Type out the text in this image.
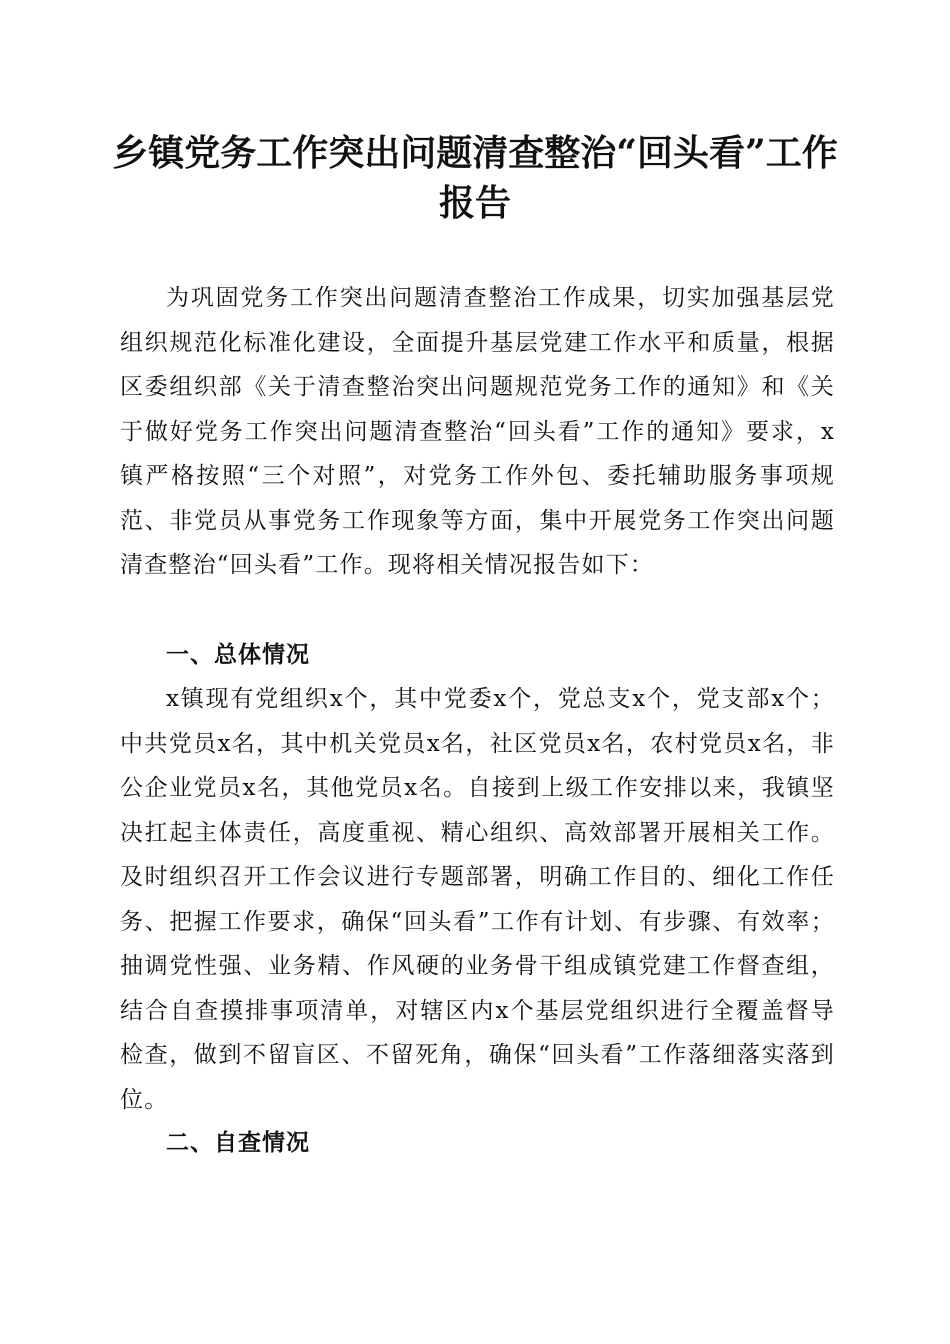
乡镇党务工作突出问题清查整治“回头看”工作报告

为巩固党务工作突出问题清查整治工作成果，切实加强基层党组织规范化标准化建设，全面提升基层党建工作水平和质量，根据区委组织部《关于清查整治突出问题规范党务工作的通知》和《关于做好党务工作突出问题清查整治“回头看”工作的通知》要求，x镇严格按照“三个对照”，对党务工作外包、委托辅助服务事项规范、非党员从事党务工作现象等方面，集中开展党务工作突出问题清查整治“回头看”工作。现将相关情况报告如下：

一、总体情况

x镇现有党组织x个，其中党委x个，党总支x个，党支部x个；中共党员x名，其中机关党员x名，社区党员x名，农村党员x名，非公企业党员x名，其他党员x名。自接到上级工作安排以来，我镇坚决扛起主体责任，高度重视、精心组织、高效部署开展相关工作。及时组织召开工作会议进行专题部署，明确工作目的、细化工作任务、把握工作要求，确保“回头看”工作有计划、有步骤、有效率；抽调党性强、业务精、作风硬的业务骨干组成镇党建工作督查组，结合自查摸排事项清单，对辖区内x个基层党组织进行全覆盖督导检查，做到不留盲区、不留死角，确保“回头看”工作落细落实落到位。

二、自查情况
